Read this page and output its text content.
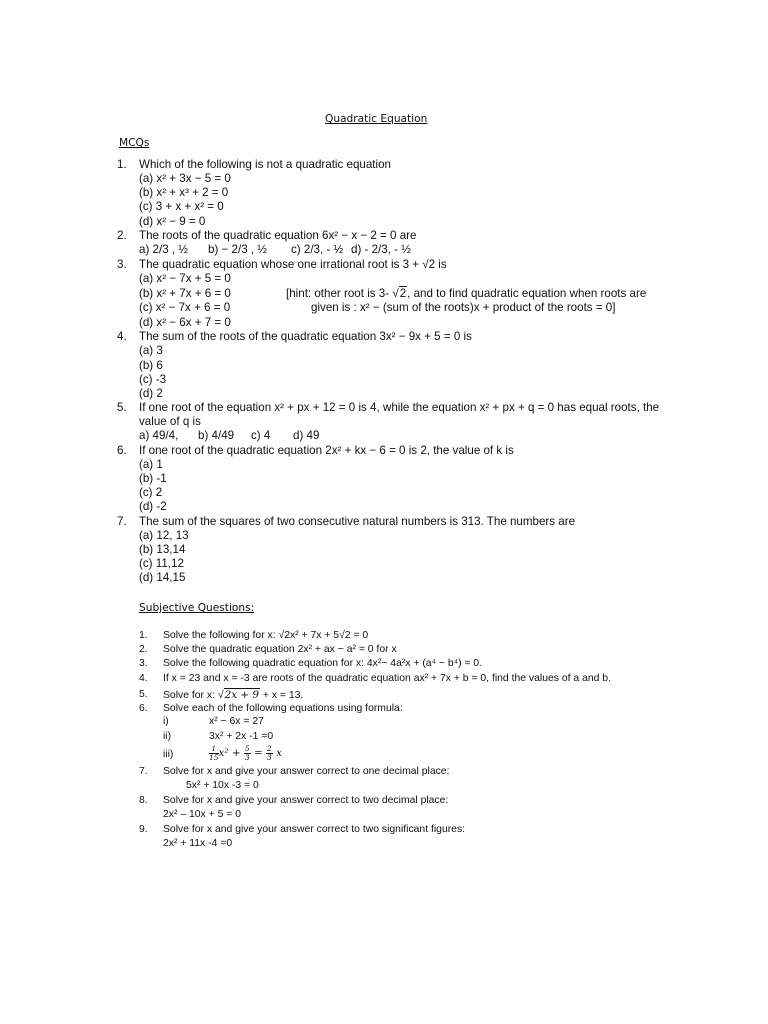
Quadratic Equation
MCQs
1. Which of the following is not a quadratic equation
(a) x² + 3x − 5 = 0
(b) x² + x³ + 2 = 0
(c) 3 + x + x² = 0
(d) x² − 9 = 0
2. The roots of the quadratic equation 6x² − x − 2 = 0 are
a) 2/3 , ½ b) − 2/3 , ½ c) 2/3, - ½ d) - 2/3, - ½
3. The quadratic equation whose one irrational root is 3 + √2 is
(a) x² − 7x + 5 = 0
(b) x² + 7x + 6 = 0
(c) x² − 7x + 6 = 0
(d) x² − 6x + 7 = 0
[hint: other root is 3- √2, and to find quadratic equation when roots are
given is : x² − (sum of the roots)x + product of the roots = 0]
4. The sum of the roots of the quadratic equation 3x² − 9x + 5 = 0 is
(a) 3
(b) 6
(c) -3
(d) 2
5. If one root of the equation x² + px + 12 = 0 is 4, while the equation x² + px + q = 0 has equal roots, the
value of q is
a) 49/4, b) 4/49 c) 4 d) 49
6. If one root of the quadratic equation 2x² + kx − 6 = 0 is 2, the value of k is
(a) 1
(b) -1
(c) 2
(d) -2
7. The sum of the squares of two consecutive natural numbers is 313. The numbers are
(a) 12, 13
(b) 13,14
(c) 11,12
(d) 14,15
Subjective Questions:
1. Solve the following for x: √2x² + 7x + 5√2 = 0
2. Solve the quadratic equation 2x² + ax − a² = 0 for x
3. Solve the following quadratic equation for x: 4x²− 4a²x + (a⁴ − b⁴) = 0.
4. If x = 23 and x = -3 are roots of the quadratic equation ax² + 7x + b = 0, find the values of a and b.
5. Solve for x: √2x + 9 + x = 13.
6. Solve each of the following equations using formula:
i)	x² − 6x = 27
ii)	3x² + 2x -1 =0
iii)	$\frac{1}{15} x^2 + \frac{5}{3} = \frac{2}{3}$ x
7. Solve for x and give your answer correct to one decimal place:
5x² + 10x -3 = 0
8. Solve for x and give your answer correct to two decimal place:
2x² – 10x + 5 = 0
9. Solve for x and give your answer correct to two significant figures:
2x² + 11x -4 =0
